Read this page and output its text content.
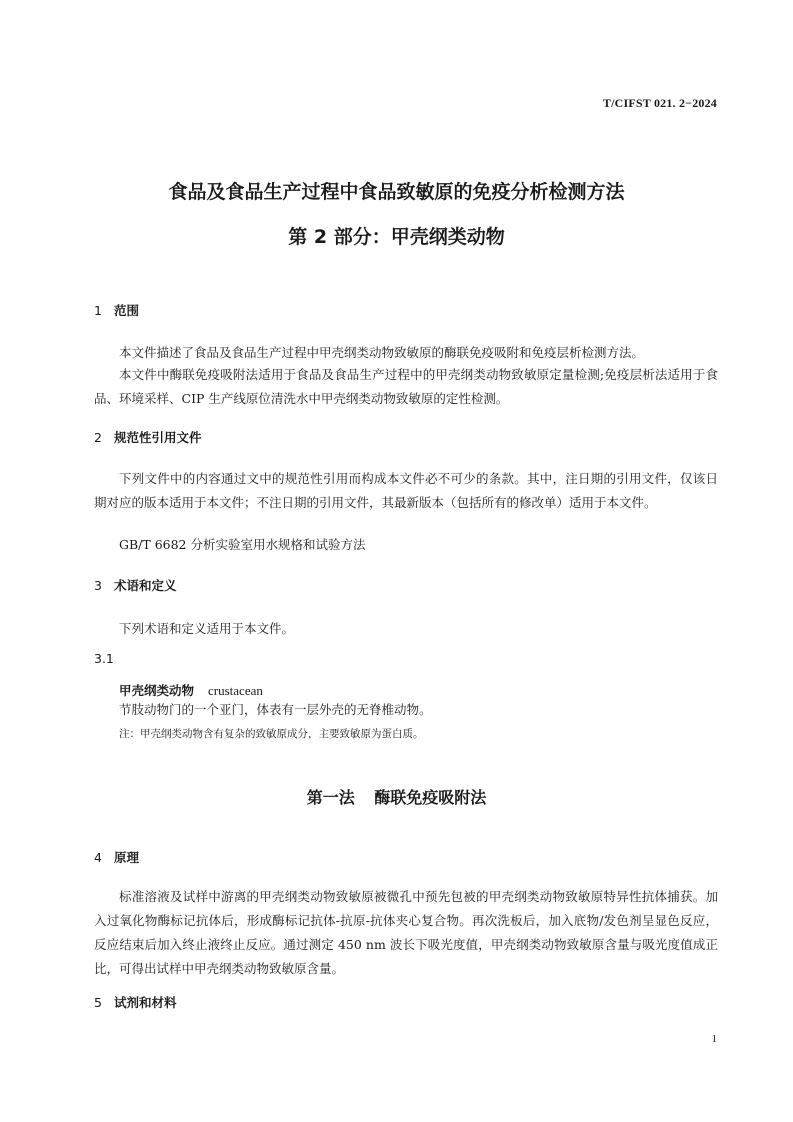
T/CIFST 021. 2−2024
食品及食品生产过程中食品致敏原的免疫分析检测方法
第 2 部分：甲壳纲类动物
1 范围
本文件描述了食品及食品生产过程中甲壳纲类动物致敏原的酶联免疫吸附和免疫层析检测方法。
本文件中酶联免疫吸附法适用于食品及食品生产过程中的甲壳纲类动物致敏原定量检测;免疫层析法适用于食品、环境采样、CIP 生产线原位清洗水中甲壳纲类动物致敏原的定性检测。
2 规范性引用文件
下列文件中的内容通过文中的规范性引用而构成本文件必不可少的条款。其中，注日期的引用文件，仅该日期对应的版本适用于本文件；不注日期的引用文件，其最新版本（包括所有的修改单）适用于本文件。
GB/T 6682 分析实验室用水规格和试验方法
3 术语和定义
下列术语和定义适用于本文件。
3.1
甲壳纲类动物 crustacean
节肢动物门的一个亚门，体表有一层外壳的无脊椎动物。
注：甲壳纲类动物含有复杂的致敏原成分，主要致敏原为蛋白质。
第一法 酶联免疫吸附法
4 原理
标准溶液及试样中游离的甲壳纲类动物致敏原被微孔中预先包被的甲壳纲类动物致敏原特异性抗体捕获。加入过氧化物酶标记抗体后，形成酶标记抗体-抗原-抗体夹心复合物。再次洗板后，加入底物/发色剂呈显色反应，反应结束后加入终止液终止反应。通过测定 450 nm 波长下吸光度值，甲壳纲类动物致敏原含量与吸光度值成正比，可得出试样中甲壳纲类动物致敏原含量。
5 试剂和材料
1
